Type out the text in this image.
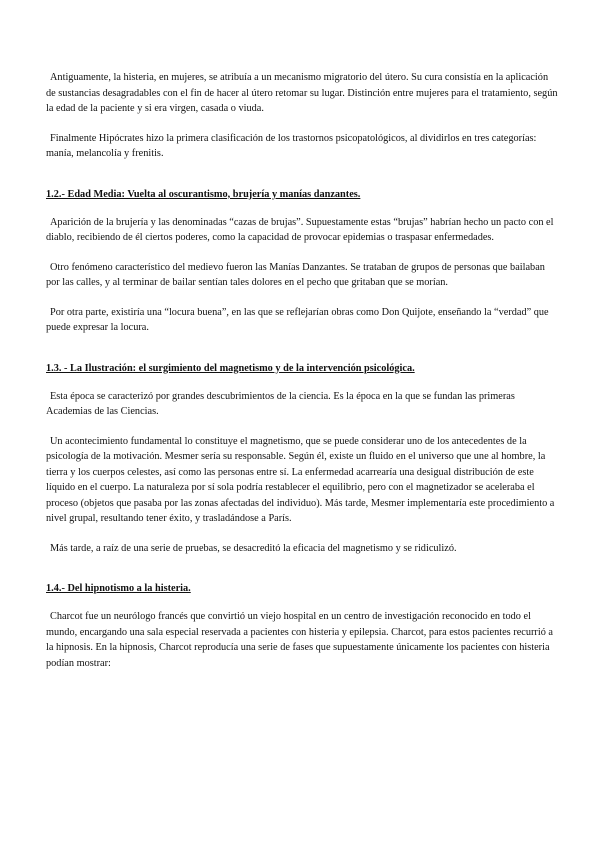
Antiguamente, la histeria, en mujeres, se atribuía a un mecanismo migratorio del útero. Su cura consistía en la aplicación de sustancias desagradables con el fin de hacer al útero retomar su lugar. Distinción entre mujeres para el tratamiento, según la edad de la paciente y si era virgen, casada o viuda.

Finalmente Hipócrates hizo la primera clasificación de los trastornos psicopatológicos, al dividirlos en tres categorías: manía, melancolía y frenitis.

1.2.- Edad Media: Vuelta al oscurantismo, brujería y manías danzantes.

Aparición de la brujería y las denominadas “cazas de brujas”. Supuestamente estas “brujas” habrían hecho un pacto con el diablo, recibiendo de él ciertos poderes, como la capacidad de provocar epidemias o traspasar enfermedades.

Otro fenómeno característico del medievo fueron las Manías Danzantes. Se trataban de grupos de personas que bailaban por las calles, y al terminar de bailar sentían tales dolores en el pecho que gritaban que se morían.

Por otra parte, existiría una “locura buena”, en las que se reflejarían obras como Don Quijote, enseñando la “verdad” que puede expresar la locura.

1.3. - La Ilustración: el surgimiento del magnetismo y de la intervención psicológica.

Esta época se caracterizó por grandes descubrimientos de la ciencia. Es la época en la que se fundan las primeras Academias de las Ciencias.

Un acontecimiento fundamental lo constituye el magnetismo, que se puede considerar uno de los antecedentes de la psicología de la motivación. Mesmer sería su responsable. Según él, existe un fluido en el universo que une al hombre, la tierra y los cuerpos celestes, así como las personas entre sí. La enfermedad acarrearía una desigual distribución de este líquido en el cuerpo. La naturaleza por sí sola podría restablecer el equilibrio, pero con el magnetizador se aceleraba el proceso (objetos que pasaba por las zonas afectadas del individuo). Más tarde, Mesmer implementaría este procedimiento a nivel grupal, resultando tener éxito, y trasladándose a París.

Más tarde, a raíz de una serie de pruebas, se desacreditó la eficacia del magnetismo y se ridiculizó.

1.4.- Del hipnotismo a la histeria.

Charcot fue un neurólogo francés que convirtió un viejo hospital en un centro de investigación reconocido en todo el mundo, encargando una sala especial reservada a pacientes con histeria y epilepsia. Charcot, para estos pacientes recurrió a la hipnosis. En la hipnosis, Charcot reproducía una serie de fases que supuestamente únicamente los pacientes con histeria podían mostrar:
